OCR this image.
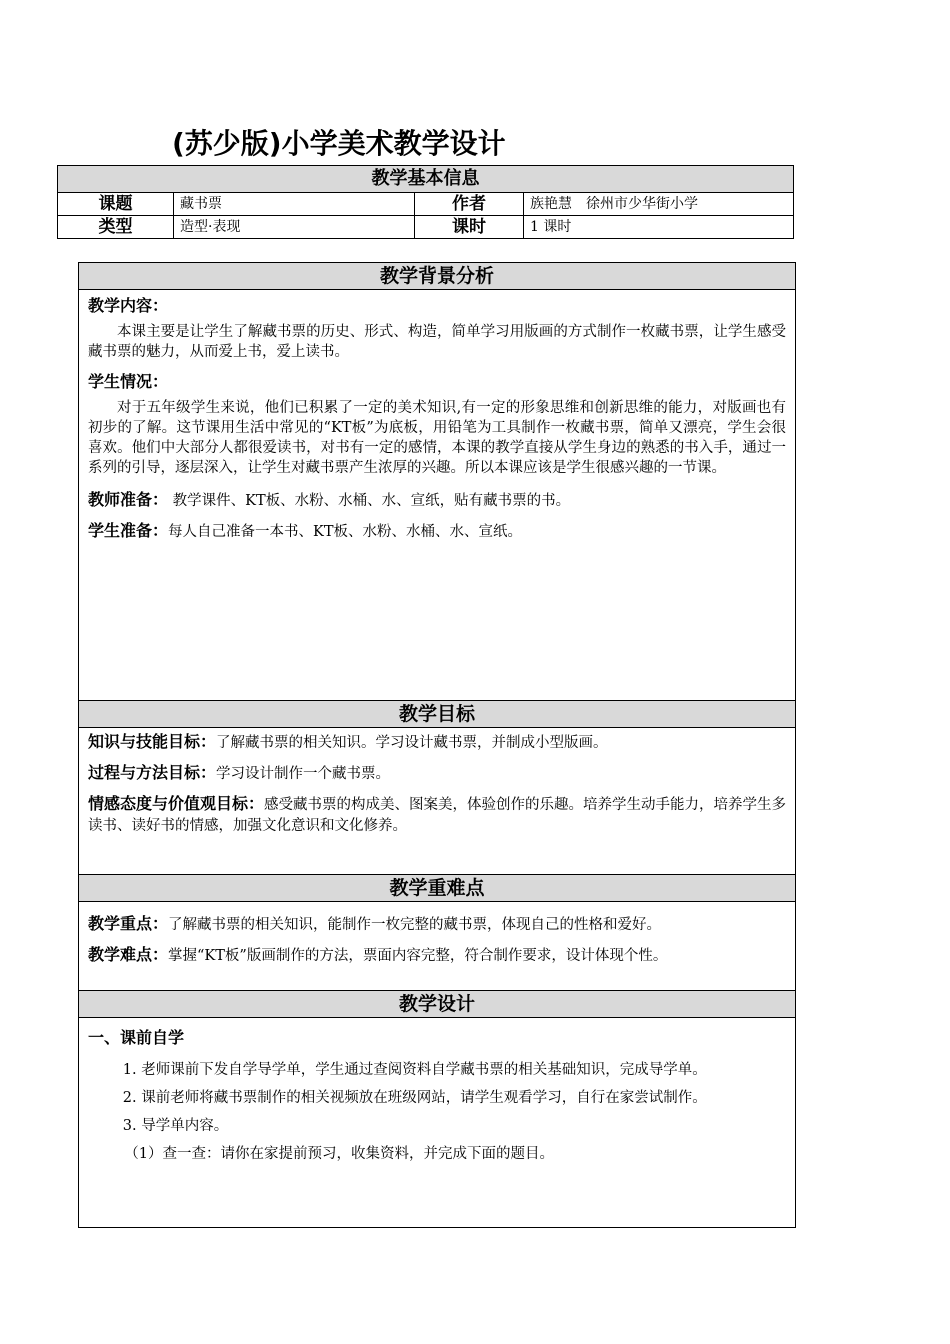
(苏少版)小学美术教学设计
教学基本信息			
课题	藏书票	作者	族艳慧　徐州市少华街小学
类型	造型·表现	课时	1 课时
教学背景分析
教学内容：
本课主要是让学生了解藏书票的历史、形式、构造，简单学习用版画的方式制作一枚藏书票，让学生感受藏书票的魅力，从而爱上书，爱上读书。
学生情况：
对于五年级学生来说，他们已积累了一定的美术知识,有一定的形象思维和创新思维的能力，对版画也有初步的了解。这节课用生活中常见的“KT板”为底板，用铅笔为工具制作一枚藏书票，简单又漂亮，学生会很喜欢。他们中大部分人都很爱读书，对书有一定的感情，本课的教学直接从学生身边的熟悉的书入手，通过一系列的引导，逐层深入，让学生对藏书票产生浓厚的兴趣。所以本课应该是学生很感兴趣的一节课。
教师准备： 教学课件、KT板、水粉、水桶、水、宣纸，贴有藏书票的书。
学生准备：每人自己准备一本书、KT板、水粉、水桶、水、宣纸。
教学目标
知识与技能目标：了解藏书票的相关知识。学习设计藏书票，并制成小型版画。
过程与方法目标：学习设计制作一个藏书票。
情感态度与价值观目标：感受藏书票的构成美、图案美，体验创作的乐趣。培养学生动手能力，培养学生多读书、读好书的情感，加强文化意识和文化修养。
教学重难点
教学重点：了解藏书票的相关知识，能制作一枚完整的藏书票，体现自己的性格和爱好。
教学难点：掌握“KT板”版画制作的方法，票面内容完整，符合制作要求，设计体现个性。
教学设计
一、课前自学
1. 老师课前下发自学导学单，学生通过查阅资料自学藏书票的相关基础知识，完成导学单。
2. 课前老师将藏书票制作的相关视频放在班级网站，请学生观看学习，自行在家尝试制作。
3. 导学单内容。
（1）查一查：请你在家提前预习，收集资料，并完成下面的题目。
